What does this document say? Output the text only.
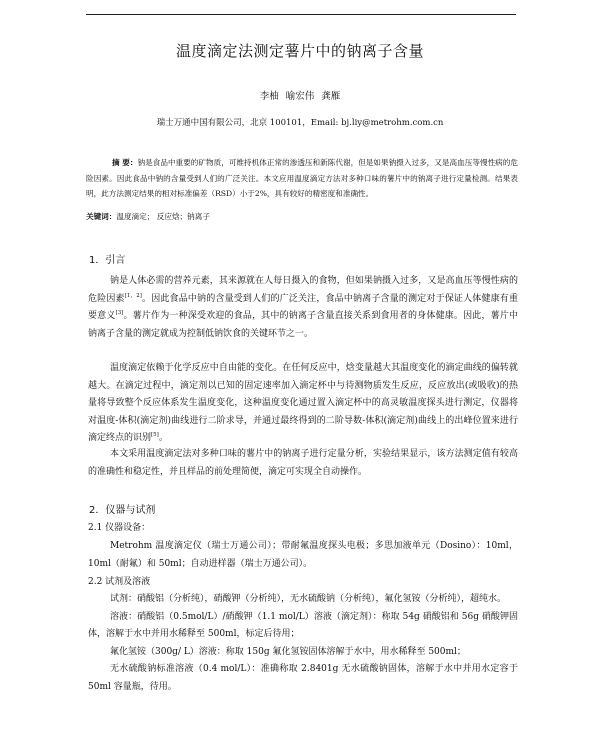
温度滴定法测定薯片中的钠离子含量
李柚 喻宏伟 龚雁
瑞士万通中国有限公司，北京 100101，Email: bj.liy@metrohm.com.cn
摘 要：钠是食品中重要的矿物质，可维持机体正常的渗透压和新陈代谢，但是如果钠摄入过多，又是高血压等慢性病的危险因素。因此食品中钠的含量受到人们的广泛关注。本文应用温度滴定方法对多种口味的薯片中的钠离子进行定量检测。结果表明，此方法测定结果的相对标准偏差（RSD）小于2%，具有较好的精密度和准确性。
关键词：温度滴定； 反应焓；钠离子
1．引言
钠是人体必需的营养元素，其来源就在人每日摄入的食物，但如果钠摄入过多，又是高血压等慢性病的危险因素[1，2]。因此食品中钠的含量受到人们的广泛关注，食品中钠离子含量的测定对于保证人体健康有重要意义[3]。薯片作为一种深受欢迎的食品，其中的钠离子含量直接关系到食用者的身体健康。因此，薯片中钠离子含量的测定就成为控制低钠饮食的关键环节之一。
温度滴定依赖于化学反应中自由能的变化。在任何反应中，焓变量越大其温度变化的滴定曲线的偏转就越大。在滴定过程中，滴定剂以已知的固定速率加入滴定杯中与待测物质发生反应，反应放出(或吸收)的热量将导致整个反应体系发生温度变化，这种温度变化通过置入滴定杯中的高灵敏温度探头进行测定，仪器将对温度-体积(滴定剂)曲线进行二阶求导，并通过最终得到的二阶导数-体积(滴定剂)曲线上的出峰位置来进行滴定终点的识别[5]。
本文采用温度滴定法对多种口味的薯片中的钠离子进行定量分析，实验结果显示，该方法测定值有较高的准确性和稳定性，并且样品的前处理简便，滴定可实现全自动操作。
2．仪器与试剂
2.1 仪器设备：

Metrohm 温度滴定仪（瑞士万通公司）；带耐氟温度探头电极；多思加液单元（Dosino）：10ml，10ml（耐氟）和 50ml；自动进样器（瑞士万通公司）。

2.2 试剂及溶液

试剂：硝酸铝（分析纯），硝酸钾（分析纯），无水硫酸钠（分析纯），氟化氢铵（分析纯），超纯水。

溶液：硝酸铝（0.5mol/L）/硝酸钾（1.1 mol/L）溶液（滴定剂）：称取 54g 硝酸铝和 56g 硝酸钾固体，溶解于水中并用水稀释至 500ml，标定后待用；

氟化氢铵（300g/ L）溶液：称取 150g 氟化氢铵固体溶解于水中，用水稀释至 500ml；

无水硫酸钠标准溶液（0.4 mol/L）：准确称取 2.8401g 无水硫酸钠固体，溶解于水中并用水定容于 50ml 容量瓶，待用。
